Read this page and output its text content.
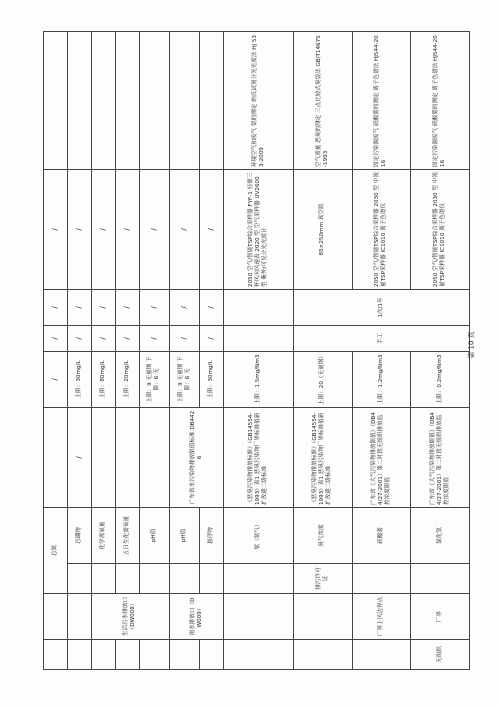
		总氮			/	/	/	/	
			总磷物	/	上限：30mg/L	/	/	/	
	生活污水排放口（DW008）		化学需氧量		上限：80mg/L	/	/	/	
			五日生化需氧量		上限：20mg/L	/	/	/	
			pH值		上限：9 无量纲 下限：6 无	/	/	/	
	雨水排放口（DW009）		pH值	广东省水污染物排放限值标准 DB4426	上限：9 无量纲 下限：6 无	/	/	/	
			悬浮物		上限：30mg/L	/	/	/	
			氨（氨气）	《恶臭污染物排放标准》（GB14554-1993）表1 恶臭污染物厂界标准值新扩改建二级标准	上限：1.5mg/Nm3			2050 空气/智能TSP综合采样器 FYF-1 轻便三杯风向风速表 2020 型 空气采样器 UV2600 型 紫外/可见分光光度计	环境空气和废气 氨的测定 纳氏试剂分光光度法 HJ 533-2009
		排污许可证	臭气浓度	《恶臭污染物排放标准》（GB14554-1993）表1 恶臭污染物厂界标准值新扩改建二级标准	上限：20（无量纲）	手工	1次/1年	85×250mm 真空瓶	空气质量 恶臭的测定 三点比较式臭袋法 GB/T14675-1993
	厂界上风边界点		硫酸雾	广东省《大气污染物排放限值》（DB44/27-2001）第二时段无组织排放监控浓度限值	上限：1.2mg/Nm3			2050 空气/智能TSP综合采样器 2030 型 中流量TSP采样器 IC1010 离子色谱仪	固定污染源废气 硫酸雾的测定 离子色谱法 HJ544-2016
无组织	厂界		氯化氢	广东省《大气污染物排放限值》（DB44/27-2001）第二时段无组织排放监控浓度限值	上限：0.2mg/Nm3			2050 空气/智能TSP综合采样器 2030 型 中流量TSP采样器 IC1010 离子色谱仪	固定污染源废气 硫酸雾的测定 离子色谱法 HJ544-2016
第 10 页
